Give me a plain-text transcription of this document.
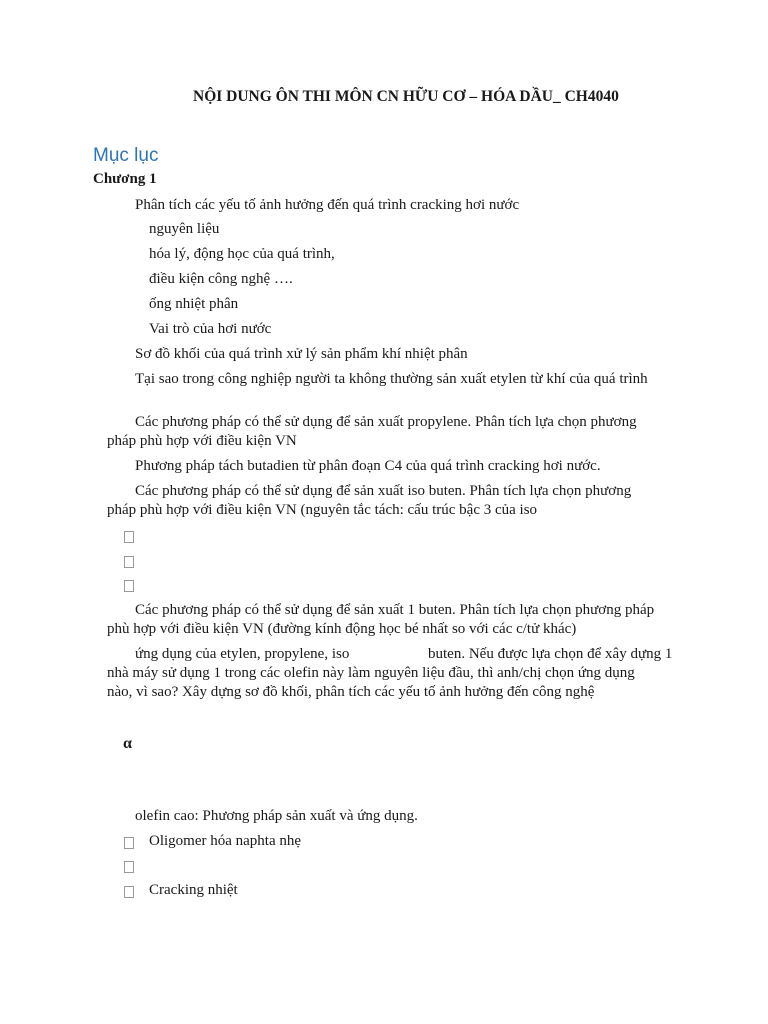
NỘI DUNG ÔN THI MÔN CN HỮU CƠ – HÓA DẦU_ CH4040
Mục lục
Chương 1
Phân tích các yếu tố ảnh hưởng đến quá trình cracking hơi nước
nguyên liệu
hóa lý, động học của quá trình,
điều kiện công nghệ ….
ống nhiệt phân
Vai trò của hơi nước
Sơ đồ khối của quá trình xử lý sản phẩm khí nhiệt phân
Tại sao trong công nghiệp người ta không thường sản xuất etylen từ khí của quá trình
Các phương pháp có thể sử dụng để sản xuất propylene. Phân tích lựa chọn phương
pháp phù hợp với điều kiện VN
Phương pháp tách butadien từ phân đoạn C4 của quá trình cracking hơi nước.
Các phương pháp có thể sử dụng để sản xuất iso buten. Phân tích lựa chọn phương
pháp phù hợp với điều kiện VN (nguyên tắc tách: cấu trúc bậc 3 của iso
Các phương pháp có thể sử dụng để sản xuất 1 buten. Phân tích lựa chọn phương pháp
phù hợp với điều kiện VN (đường kính động học bé nhất so với các c/tử khác)
ứng dụng của etylen, propylene, iso	buten. Nếu được lựa chọn để xây dựng 1
nhà máy sử dụng 1 trong các olefin này làm nguyên liệu đầu, thì anh/chị chọn ứng dụng
nào, vì sao? Xây dựng sơ đồ khối, phân tích các yếu tố ảnh hưởng đến công nghệ
α
olefin cao: Phương pháp sản xuất và ứng dụng.
Oligomer hóa naphta nhẹ
Cracking nhiệt
